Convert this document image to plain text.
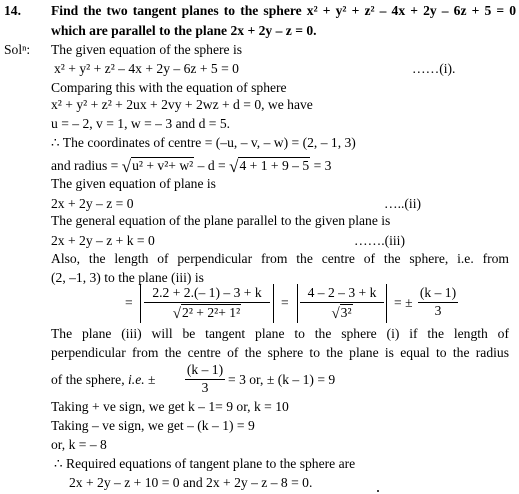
14. Find the two tangent planes to the sphere x² + y² + z² – 4x + 2y – 6z + 5 = 0
which are parallel to the plane 2x + 2y – z = 0.
Solⁿ: The given equation of the sphere is
x² + y² + z² – 4x + 2y – 6z + 5 = 0	……(i).
Comparing this with the equation of sphere
x² + y² + z² + 2ux + 2vy + 2wz + d = 0, we have
u = – 2, v = 1, w = – 3 and d = 5.
∴ The coordinates of centre = (–u, – v, – w) = (2, – 1, 3)
and radius = √u² + v²+ w² – d = √4 + 1 + 9 – 5 = 3
The given equation of plane is
2x + 2y – z = 0	…..(ii)
The general equation of the plane parallel to the given plane is
2x + 2y – z + k = 0	…….(iii)
Also, the length of perpendicular from the centre of the sphere, i.e. from
(2, –1, 3) to the plane (iii) is
=
2.2 + 2.(– 1) – 3 + k
√2² + 2²+ 1²
=
4 – 2 – 3 + k
√3²
= ±
(k – 1)
3
The plane (iii) will be tangent plane to the sphere (i) if the length of
perpendicular from the centre of the sphere to the plane is equal to the radius
of the sphere, i.e. ±
(k – 1)
3
= 3 or, ± (k – 1) = 9
Taking + ve sign, we get k – 1= 9 or, k = 10
Taking – ve sign, we get – (k – 1) = 9
or, k = – 8
∴ Required equations of tangent plane to the sphere are
2x + 2y – z + 10 = 0 and 2x + 2y – z – 8 = 0.
